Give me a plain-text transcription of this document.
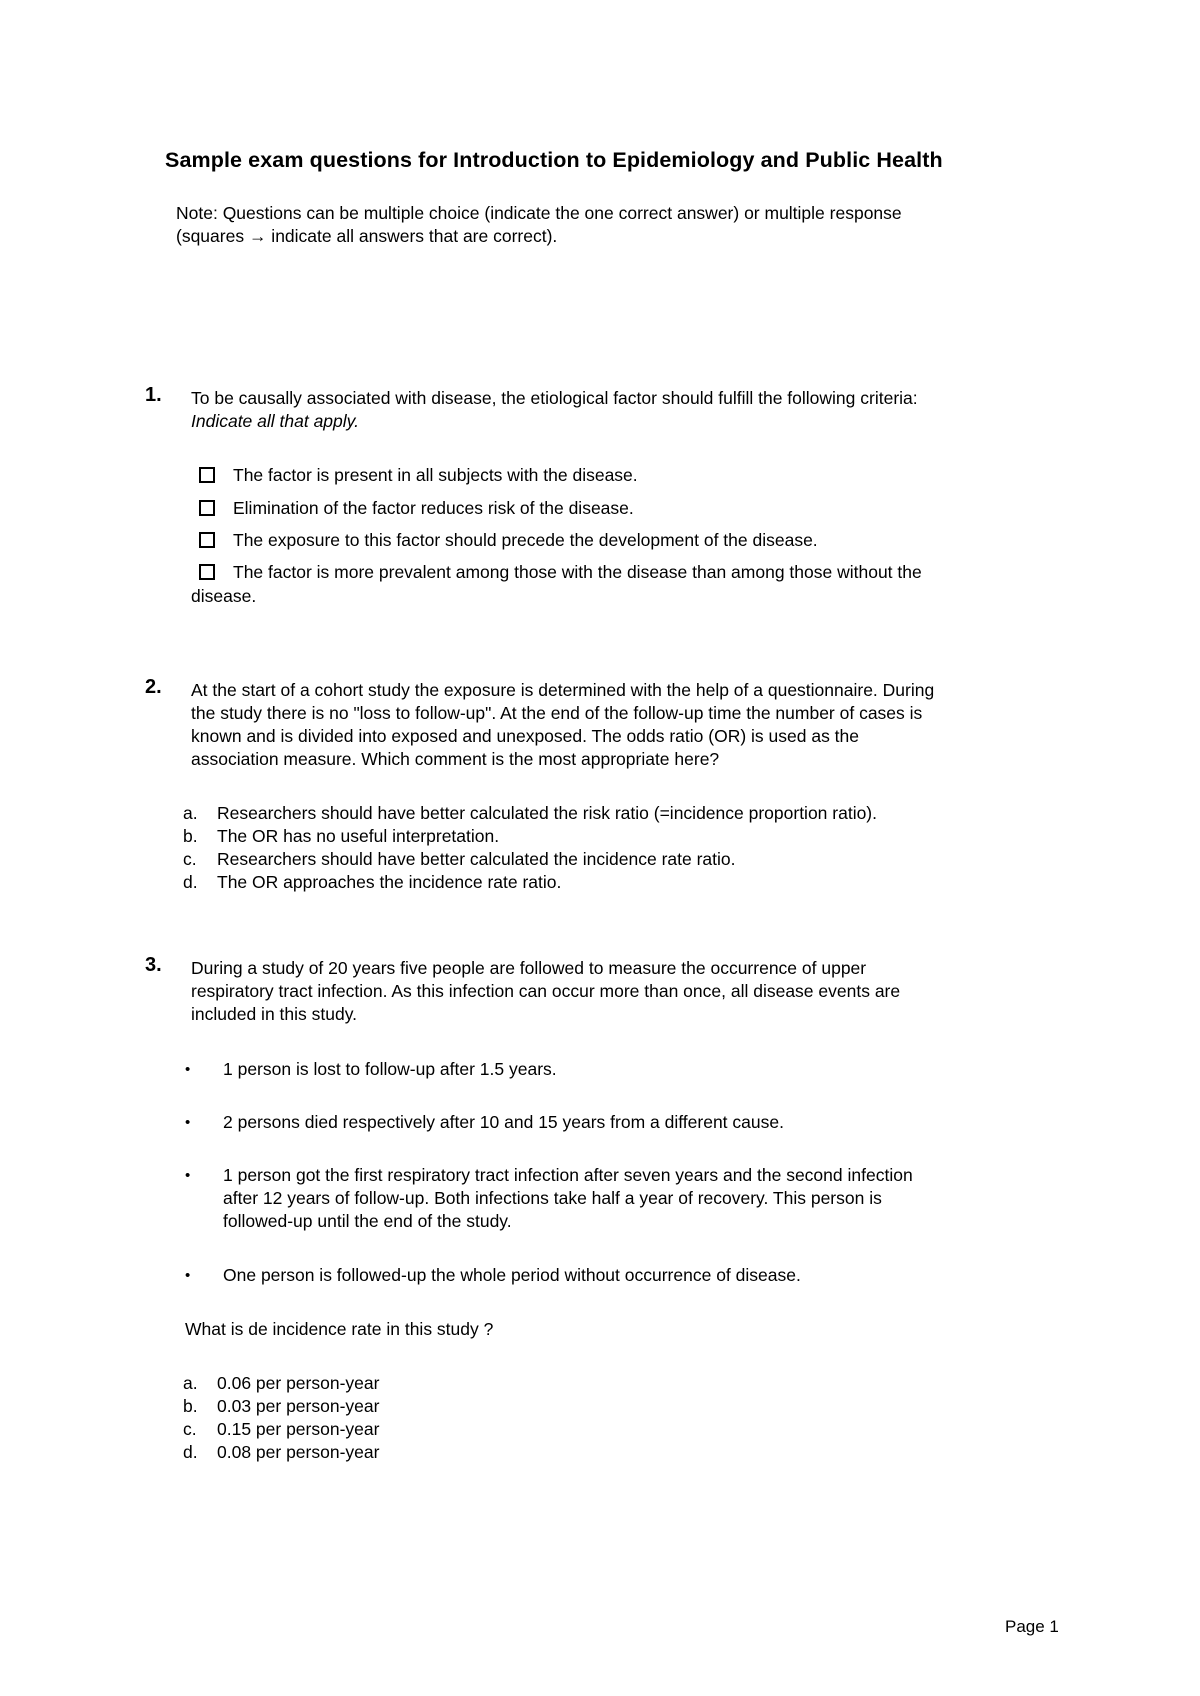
Sample exam questions for Introduction to Epidemiology and Public Health
Note: Questions can be multiple choice (indicate the one correct answer) or multiple response
(squares → indicate all answers that are correct).
1. To be causally associated with disease, the etiological factor should fulfill the following criteria:
Indicate all that apply.
The factor is present in all subjects with the disease.
Elimination of the factor reduces risk of the disease.
The exposure to this factor should precede the development of the disease.
The factor is more prevalent among those with the disease than among those without the
disease.
2. At the start of a cohort study the exposure is determined with the help of a questionnaire. During
the study there is no "loss to follow-up". At the end of the follow-up time the number of cases is
known and is divided into exposed and unexposed. The odds ratio (OR) is used as the
association measure. Which comment is the most appropriate here?
a. Researchers should have better calculated the risk ratio (=incidence proportion ratio).
b. The OR has no useful interpretation.
c. Researchers should have better calculated the incidence rate ratio.
d. The OR approaches the incidence rate ratio.
3. During a study of 20 years five people are followed to measure the occurrence of upper
respiratory tract infection. As this infection can occur more than once, all disease events are
included in this study.
• 1 person is lost to follow-up after 1.5 years.
• 2 persons died respectively after 10 and 15 years from a different cause.
• 1 person got the first respiratory tract infection after seven years and the second infection
after 12 years of follow-up. Both infections take half a year of recovery. This person is
followed-up until the end of the study.
• One person is followed-up the whole period without occurrence of disease.
What is de incidence rate in this study ?
a. 0.06 per person-year
b. 0.03 per person-year
c. 0.15 per person-year
d. 0.08 per person-year
Page 1
